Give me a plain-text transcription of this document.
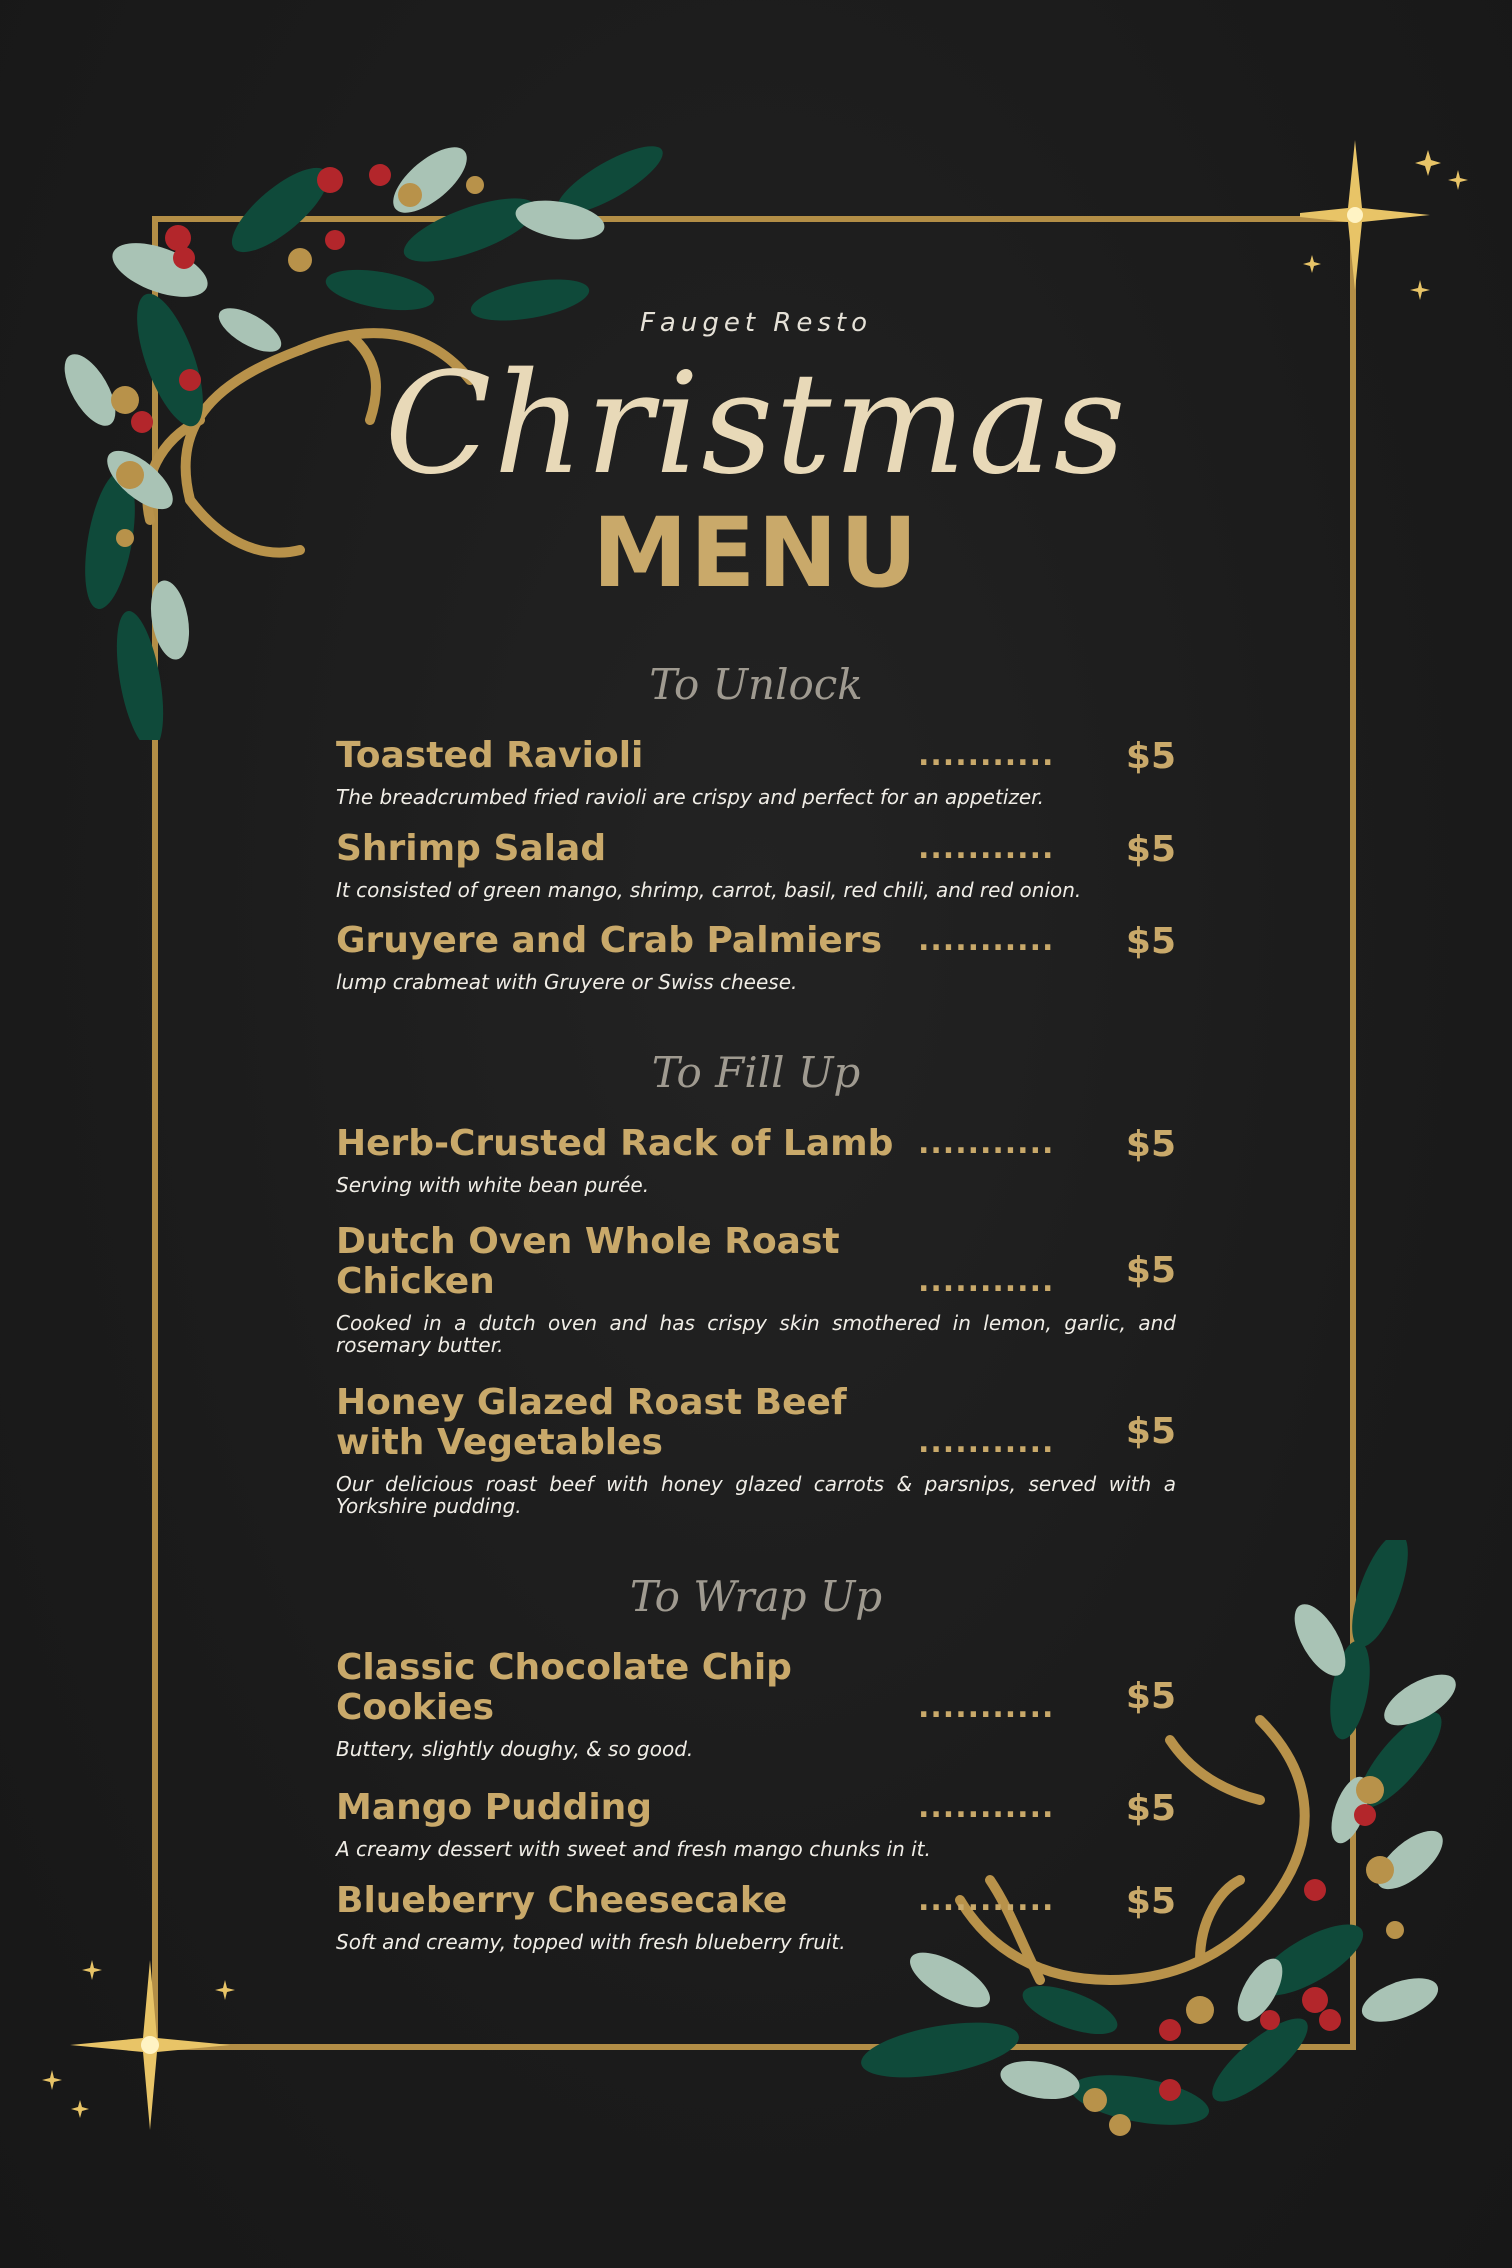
Fauget Resto
Christmas
MENU
To Unlock
Toasted Ravioli	........... $5
The breadcrumbed fried ravioli are crispy and perfect for an appetizer.
Shrimp Salad	........... $5
It consisted of green mango, shrimp, carrot, basil, red chili, and red onion.
Gruyere and Crab Palmiers	........... $5
lump crabmeat with Gruyere or Swiss cheese.
To Fill Up
Herb-Crusted Rack of Lamb ........... $5
Serving with white bean purée.
Dutch Oven Whole Roast Chicken	........... $5
Cooked in a dutch oven and has crispy skin smothered in lemon, garlic, and rosemary butter.
Honey Glazed Roast Beef with Vegetables	........... $5
Our delicious roast beef with honey glazed carrots & parsnips, served with a Yorkshire pudding.
To Wrap Up
Classic Chocolate Chip Cookies	........... $5
Buttery, slightly doughy, & so good.
Mango Pudding	........... $5
A creamy dessert with sweet and fresh mango chunks in it.
Blueberry Cheesecake	........... $5
Soft and creamy, topped with fresh blueberry fruit.
